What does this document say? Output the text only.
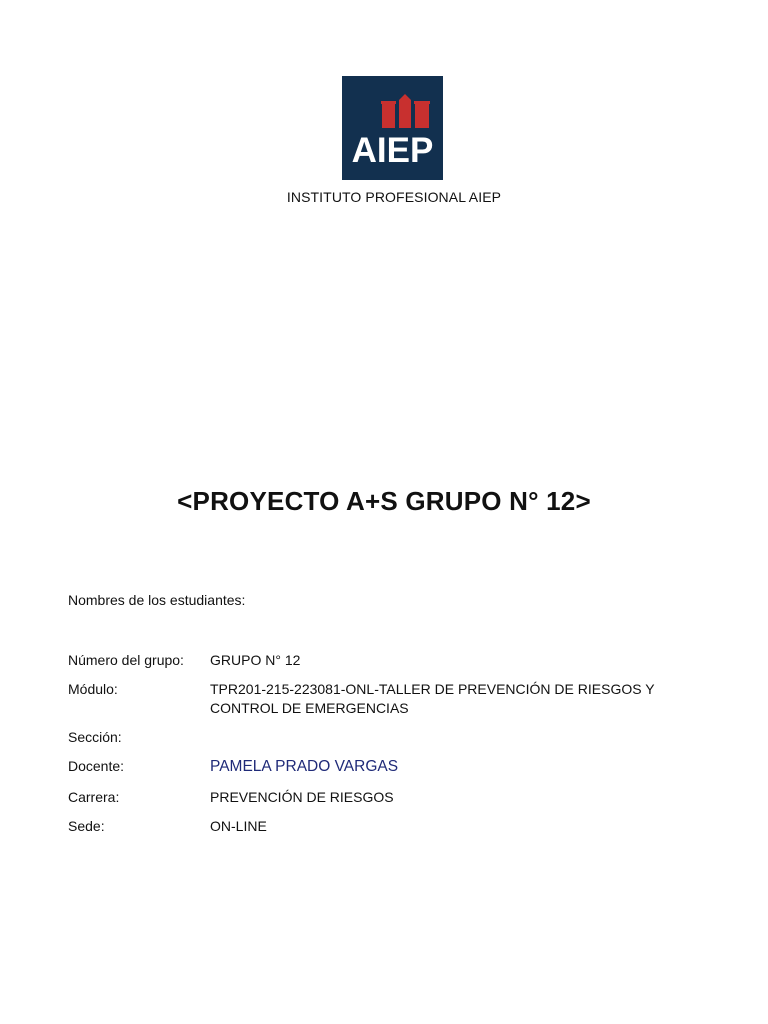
AIEP
INSTITUTO PROFESIONAL AIEP
<PROYECTO A+S GRUPO N° 12>
Nombres de los estudiantes:
Número del grupo:	GRUPO N° 12
Módulo:	TPR201-215-223081-ONL-TALLER DE PREVENCIÓN DE RIESGOS Y CONTROL DE EMERGENCIAS
Sección:
Docente:	PAMELA PRADO VARGAS
Carrera:	PREVENCIÓN DE RIESGOS
Sede:	ON-LINE
